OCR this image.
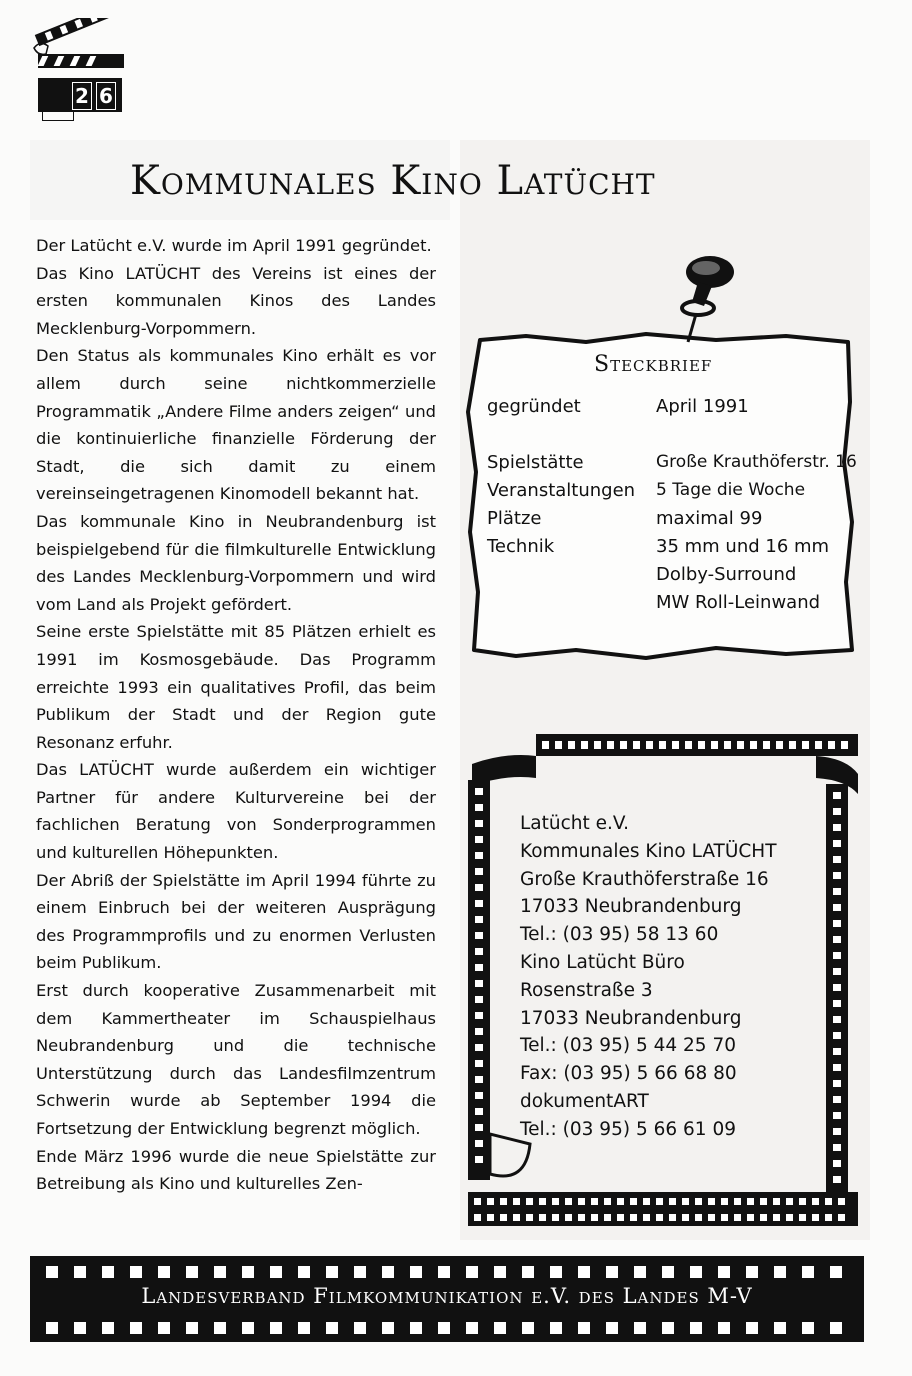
2 6
Kommunales Kino Latücht

Der Latücht e.V. wurde im April 1991 gegründet.

Das Kino LATÜCHT des Vereins ist eines der ersten kommunalen Kinos des Landes Mecklenburg-Vorpommern.

Den Status als kommunales Kino erhält es vor allem durch seine nichtkommerzielle Programmatik „Andere Filme anders zeigen“ und die kontinuierliche finanzielle Förderung der Stadt, die sich damit zu einem vereinseingetragenen Kinomodell bekannt hat.

Das kommunale Kino in Neubrandenburg ist beispielgebend für die filmkulturelle Entwicklung des Landes Mecklenburg-Vorpommern und wird vom Land als Projekt gefördert.

Seine erste Spielstätte mit 85 Plätzen erhielt es 1991 im Kosmosgebäude. Das Programm erreichte 1993 ein qualitatives Profil, das beim Publikum der Stadt und der Region gute Resonanz erfuhr.

Das LATÜCHT wurde außerdem ein wichtiger Partner für andere Kulturvereine bei der fachlichen Beratung von Sonderprogrammen und kulturellen Höhepunkten.

Der Abriß der Spielstätte im April 1994 führte zu einem Einbruch bei der weiteren Ausprägung des Programmprofils und zu enormen Verlusten beim Publikum.

Erst durch kooperative Zusammenarbeit mit dem Kammertheater im Schauspielhaus Neubrandenburg und die technische Unterstützung durch das Landesfilmzentrum Schwerin wurde ab September 1994 die Fortsetzung der Entwicklung begrenzt möglich.

Ende März 1996 wurde die neue Spielstätte zur Betreibung als Kino und kulturelles Zen-

Steckbrief
gegründet	April 1991
Spielstätte	Große Krauthöferstr. 16
Veranstaltungen 5 Tage die Woche
Plätze	maximal 99
Technik	35 mm und 16 mm
Dolby-Surround
MW Roll-Leinwand
Latücht e.V.
Kommunales Kino LATÜCHT
Große Krauthöferstraße 16
17033 Neubrandenburg
Tel.: (03 95) 58 13 60
Kino Latücht Büro
Rosenstraße 3
17033 Neubrandenburg
Tel.: (03 95) 5 44 25 70
Fax: (03 95) 5 66 68 80
dokumentART
Tel.: (03 95) 5 66 61 09
Landesverband Filmkommunikation e.V. des Landes M-V
